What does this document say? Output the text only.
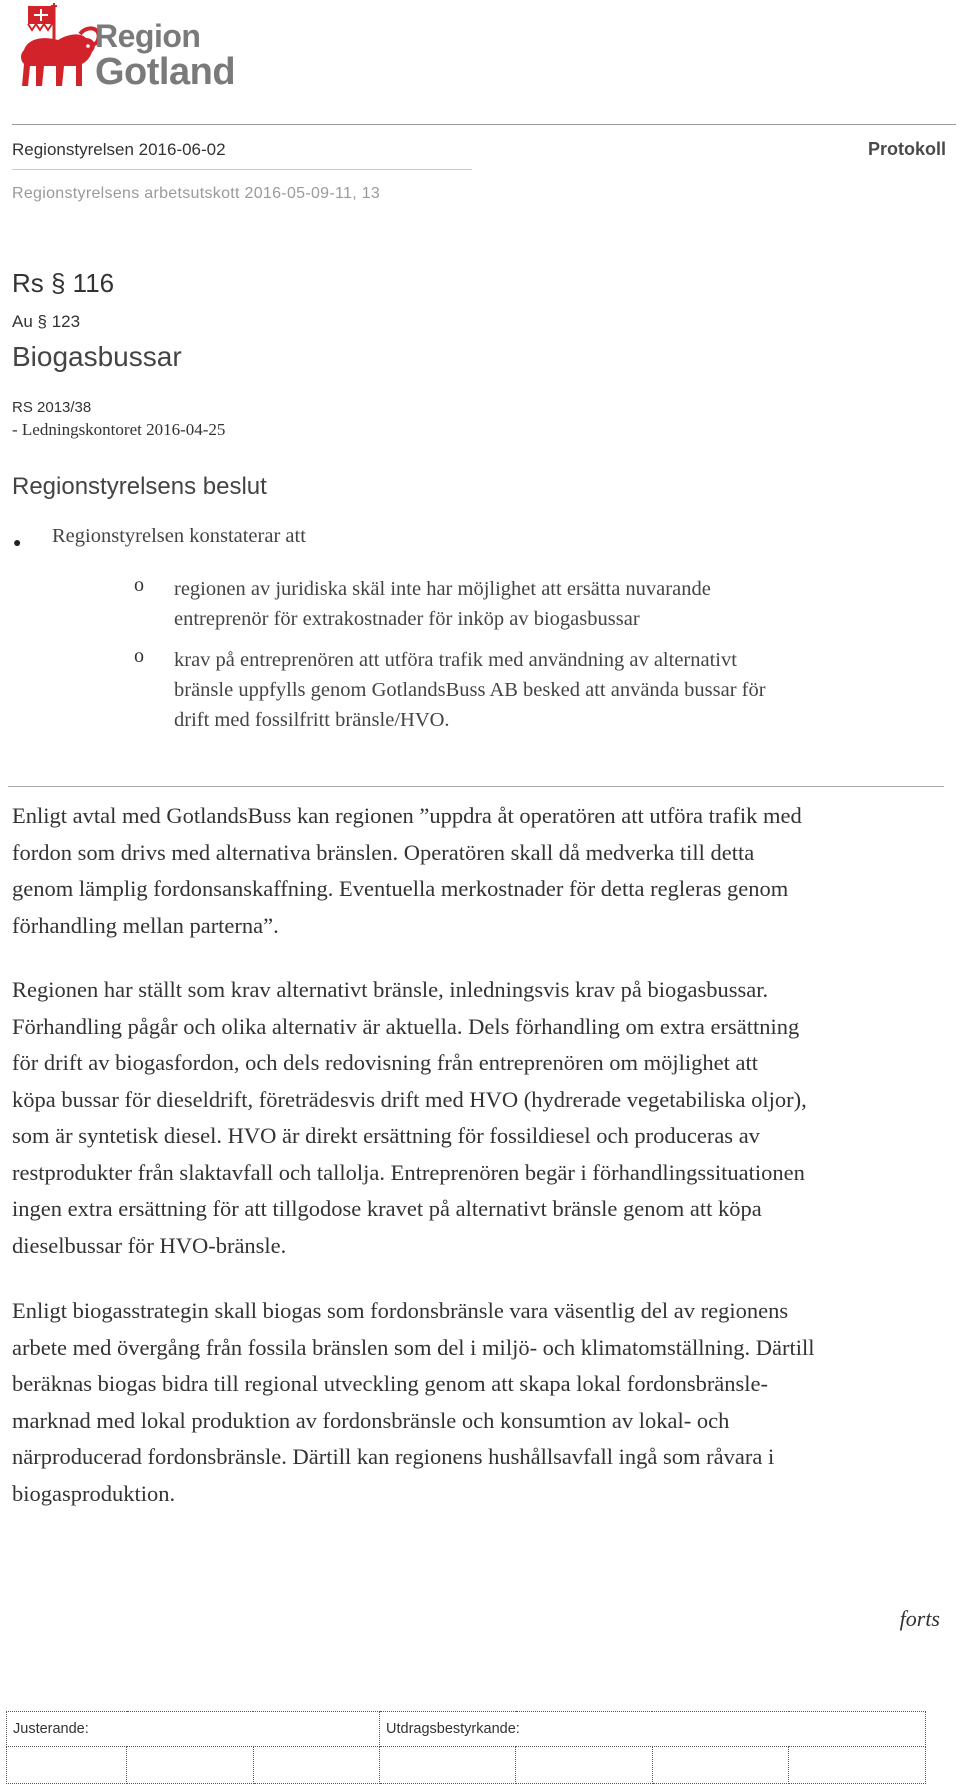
Region
Gotland
Regionstyrelsen 2016-06-02	Protokoll
Regionstyrelsens arbetsutskott 2016-05-09-11, 13
Rs § 116
Au § 123
Biogasbussar
RS 2013/38
- Ledningskontoret 2016-04-25
Regionstyrelsens beslut
● Regionstyrelsen konstaterar att
o regionen av juridiska skäl inte har möjlighet att ersätta nuvarande
entreprenör för extrakostnader för inköp av biogasbussar
o krav på entreprenören att utföra trafik med användning av alternativt
bränsle uppfylls genom GotlandsBuss AB besked att använda bussar för
drift med fossilfritt bränsle/HVO.
Enligt avtal med GotlandsBuss kan regionen ”uppdra åt operatören att utföra trafik med
fordon som drivs med alternativa bränslen. Operatören skall då medverka till detta
genom lämplig fordonsanskaffning. Eventuella merkostnader för detta regleras genom
förhandling mellan parterna”.
Regionen har ställt som krav alternativt bränsle, inledningsvis krav på biogasbussar.
Förhandling pågår och olika alternativ är aktuella. Dels förhandling om extra ersättning
för drift av biogasfordon, och dels redovisning från entreprenören om möjlighet att
köpa bussar för dieseldrift, företrädesvis drift med HVO (hydrerade vegetabiliska oljor),
som är syntetisk diesel. HVO är direkt ersättning för fossildiesel och produceras av
restprodukter från slaktavfall och tallolja. Entreprenören begär i förhandlingssituationen
ingen extra ersättning för att tillgodose kravet på alternativt bränsle genom att köpa
dieselbussar för HVO-bränsle.
Enligt biogasstrategin skall biogas som fordonsbränsle vara väsentlig del av regionens
arbete med övergång från fossila bränslen som del i miljö- och klimatomställning. Därtill
beräknas biogas bidra till regional utveckling genom att skapa lokal fordonsbränsle-
marknad med lokal produktion av fordonsbränsle och konsumtion av lokal- och
närproducerad fordonsbränsle. Därtill kan regionens hushållsavfall ingå som råvara i
biogasproduktion.
forts
Justerande:			Utdragsbestyrkande:			
